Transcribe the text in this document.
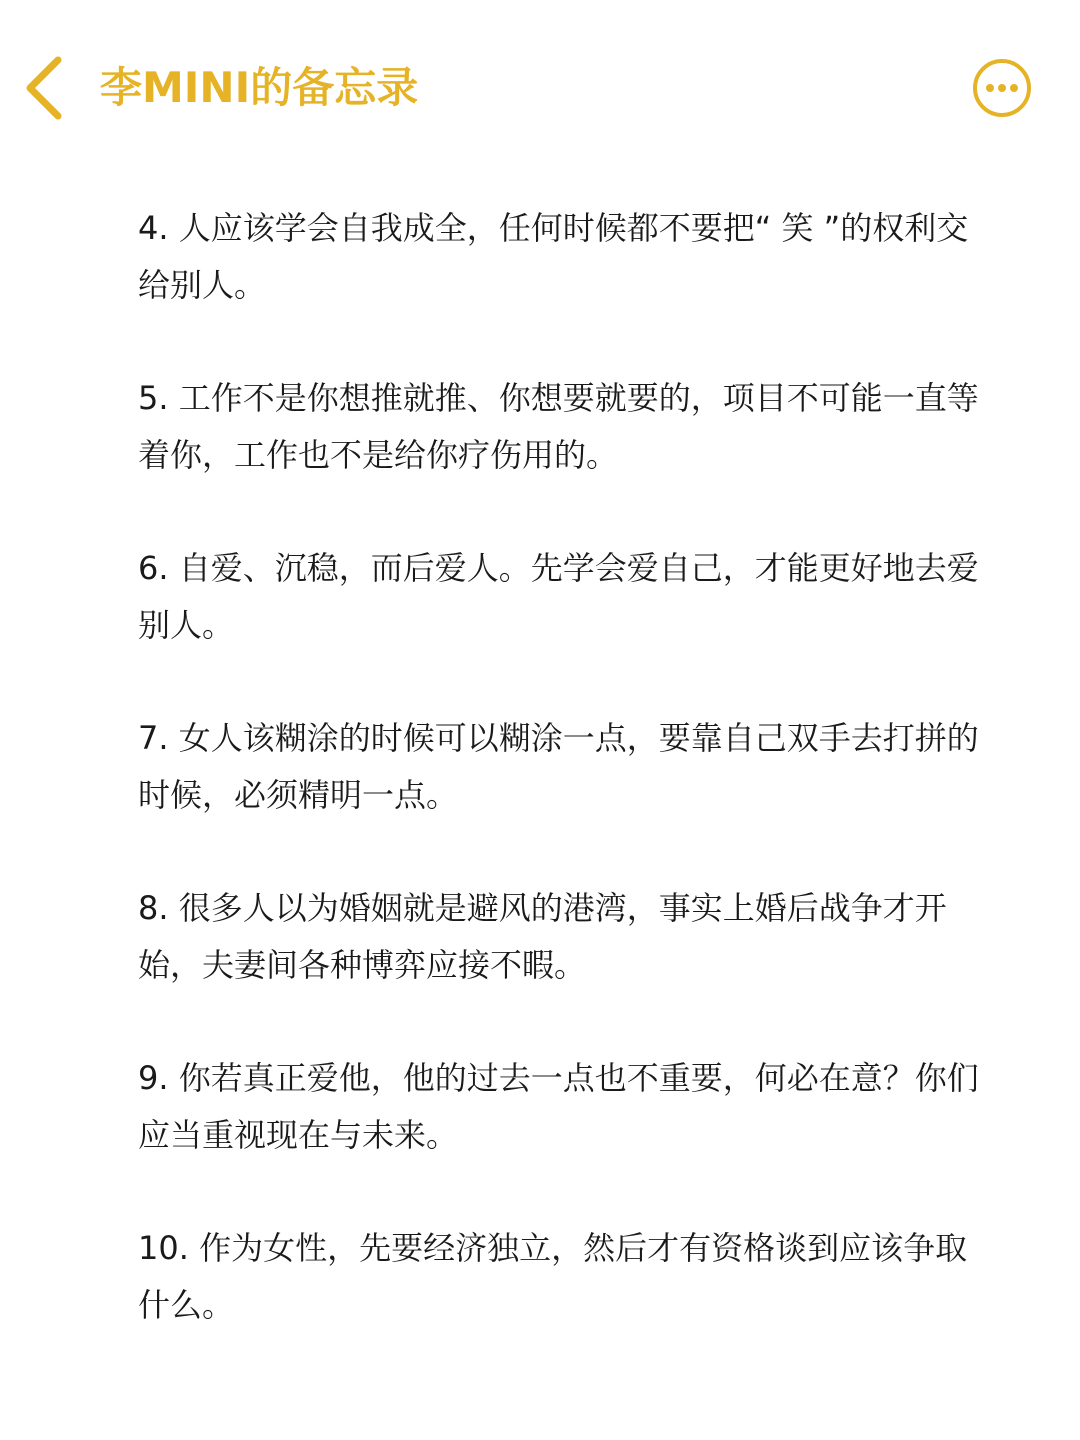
李MINI的备忘录

4. 人应该学会自我成全，任何时候都不要把“ 笑 ”的权利交给别人。

5. 工作不是你想推就推、你想要就要的，项目不可能一直等着你，工作也不是给你疗伤用的。

6. 自爱、沉稳，而后爱人。先学会爱自己，才能更好地去爱别人。

7. 女人该糊涂的时候可以糊涂一点，要靠自己双手去打拼的时候，必须精明一点。

8. 很多人以为婚姻就是避风的港湾，事实上婚后战争才开始，夫妻间各种博弈应接不暇。

9. 你若真正爱他，他的过去一点也不重要，何必在意？你们应当重视现在与未来。

10. 作为女性，先要经济独立，然后才有资格谈到应该争取什么。
